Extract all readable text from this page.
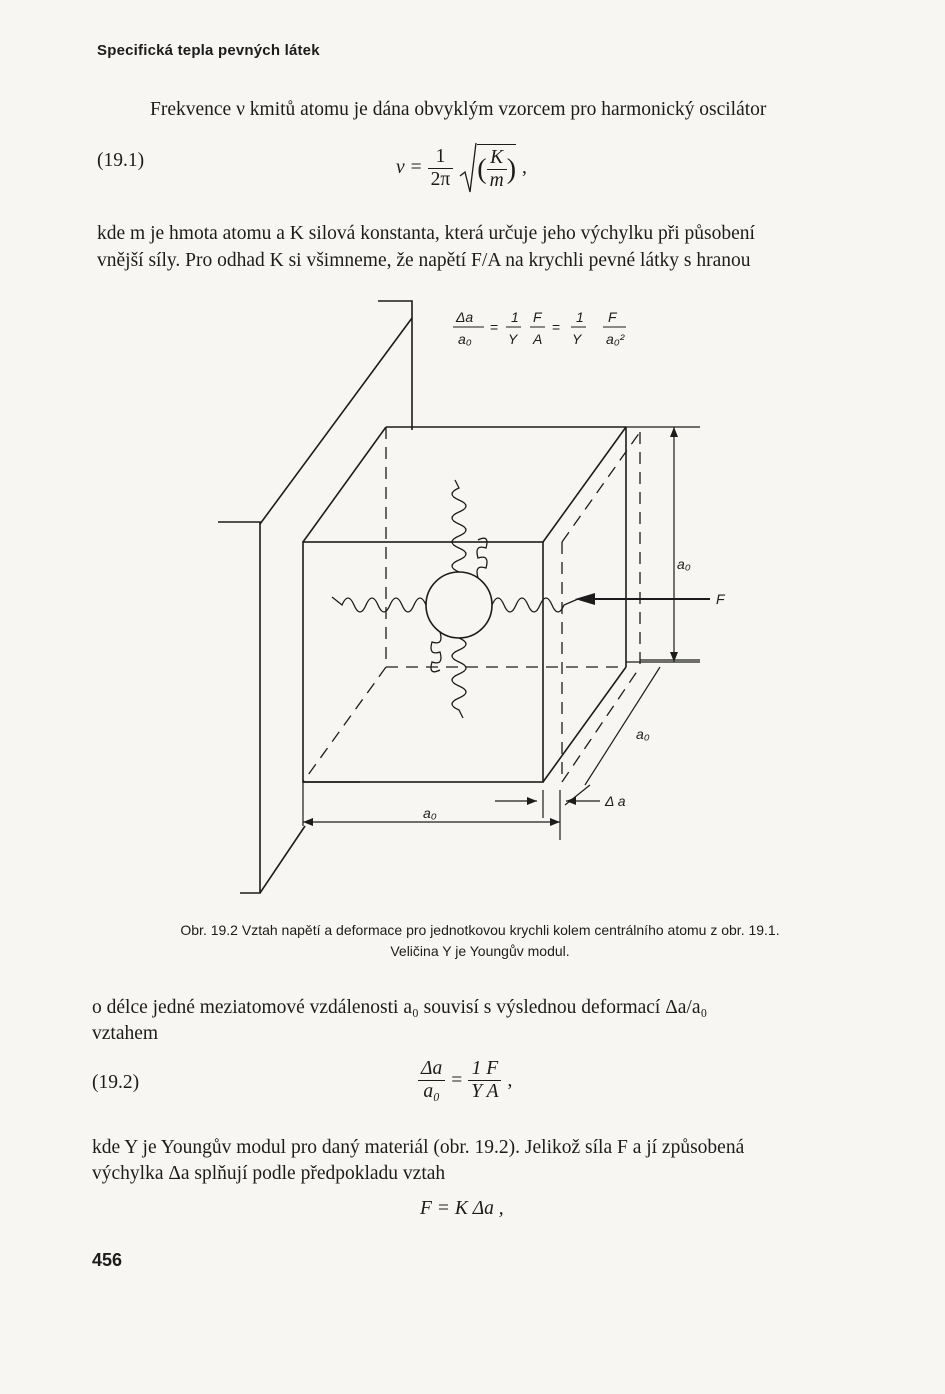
Specifická tepla pevných látek
Frekvence ν kmitů atomu je dána obvyklým vzorcem pro harmonický oscilátor
(19.1)	$\nu = \frac{1}{2\pi}$ ( $\frac{K}{m}$ ) ,
kde m je hmota atomu a K silová konstanta, která určuje jeho výchylku při působení
vnější síly. Pro odhad K si všimneme, že napětí F/A na krychli pevné látky s hranou
Δa
a₀
=
1
Y
F
A
=
1
Y
F
a₀²
a₀
F
a₀
a₀
Δ a
Obr. 19.2 Vztah napětí a deformace pro jednotkovou krychli kolem centrálního atomu z obr. 19.1.
Veličina Y je Youngův modul.
o délce jedné meziatomové vzdálenosti a₀ souvisí s výslednou deformací Δa/a₀
vztahem
(19.2)	$\frac{\Delta a}{\text{a₀}} = \frac{1 F}{\text{Y A}}$ ,
kde Y je Youngův modul pro daný materiál (obr. 19.2). Jelikož síla F a jí způsobená
výchylka Δa splňují podle předpokladu vztah
F = K Δa ,
456
